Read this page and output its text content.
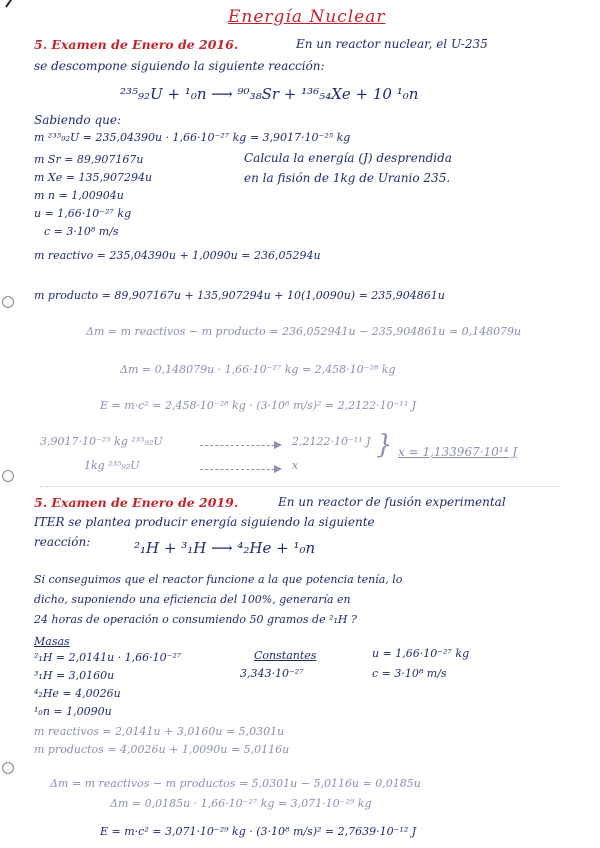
Energía Nuclear
5. Examen de Enero de 2016.	En un reactor nuclear, el U-235
se descompone siguiendo la siguiente reacción:
²³⁵₉₂U + ¹₀n ⟶ ⁹⁰₃₈Sr + ¹³⁶₅₄Xe + 10 ¹₀n
Sabiendo que:
m ²³⁵₉₂U = 235,04390u · 1,66·10⁻²⁷ kg = 3,9017·10⁻²⁵ kg
m Sr = 89,907167u
m Xe = 135,907294u
m n = 1,00904u
u = 1,66·10⁻²⁷ kg
c = 3·10⁸ m/s
Calcula la energía (J) desprendida
en la fisión de 1kg de Uranio 235.
m reactivo = 235,04390u + 1,0090u = 236,05294u
m producto = 89,907167u + 135,907294u + 10(1,0090u) = 235,904861u
Δm = m reactivos − m producto = 236,052941u − 235,904861u = 0,148079u
Δm = 0,148079u · 1,66·10⁻²⁷ kg = 2,458·10⁻²⁸ kg
E = m·c² = 2,458·10⁻²⁸ kg · (3·10⁸ m/s)² = 2,2122·10⁻¹¹ J
3,9017·10⁻²⁵ kg ²³⁵₉₂U	2,2122·10⁻¹¹ J
1kg ²³⁵₉₂U	x
} x = 1,133967·10¹⁴ J
5. Examen de Enero de 2019.	En un reactor de fusión experimental
ITER se plantea producir energía siguiendo la siguiente
reacción:	²₁H + ³₁H ⟶ ⁴₂He + ¹₀n
Si conseguimos que el reactor funcione a la que potencia tenía, lo
dicho, suponiendo una eficiencia del 100%, generaría en
24 horas de operación o consumiendo 50 gramos de ²₁H ?
Masas
²₁H = 2,0141u · 1,66·10⁻²⁷
³₁H = 3,0160u
⁴₂He = 4,0026u
¹₀n = 1,0090u
Constantes
3,343·10⁻²⁷
u = 1,66·10⁻²⁷ kg
c = 3·10⁸ m/s
m reactivos = 2,0141u + 3,0160u = 5,0301u
m productos = 4,0026u + 1,0090u = 5,0116u
Δm = m reactivos − m productos = 5,0301u − 5,0116u = 0,0185u
Δm = 0,0185u · 1,66·10⁻²⁷ kg = 3,071·10⁻²⁹ kg
E = m·c² = 3,071·10⁻²⁹ kg · (3·10⁸ m/s)² = 2,7639·10⁻¹² J
